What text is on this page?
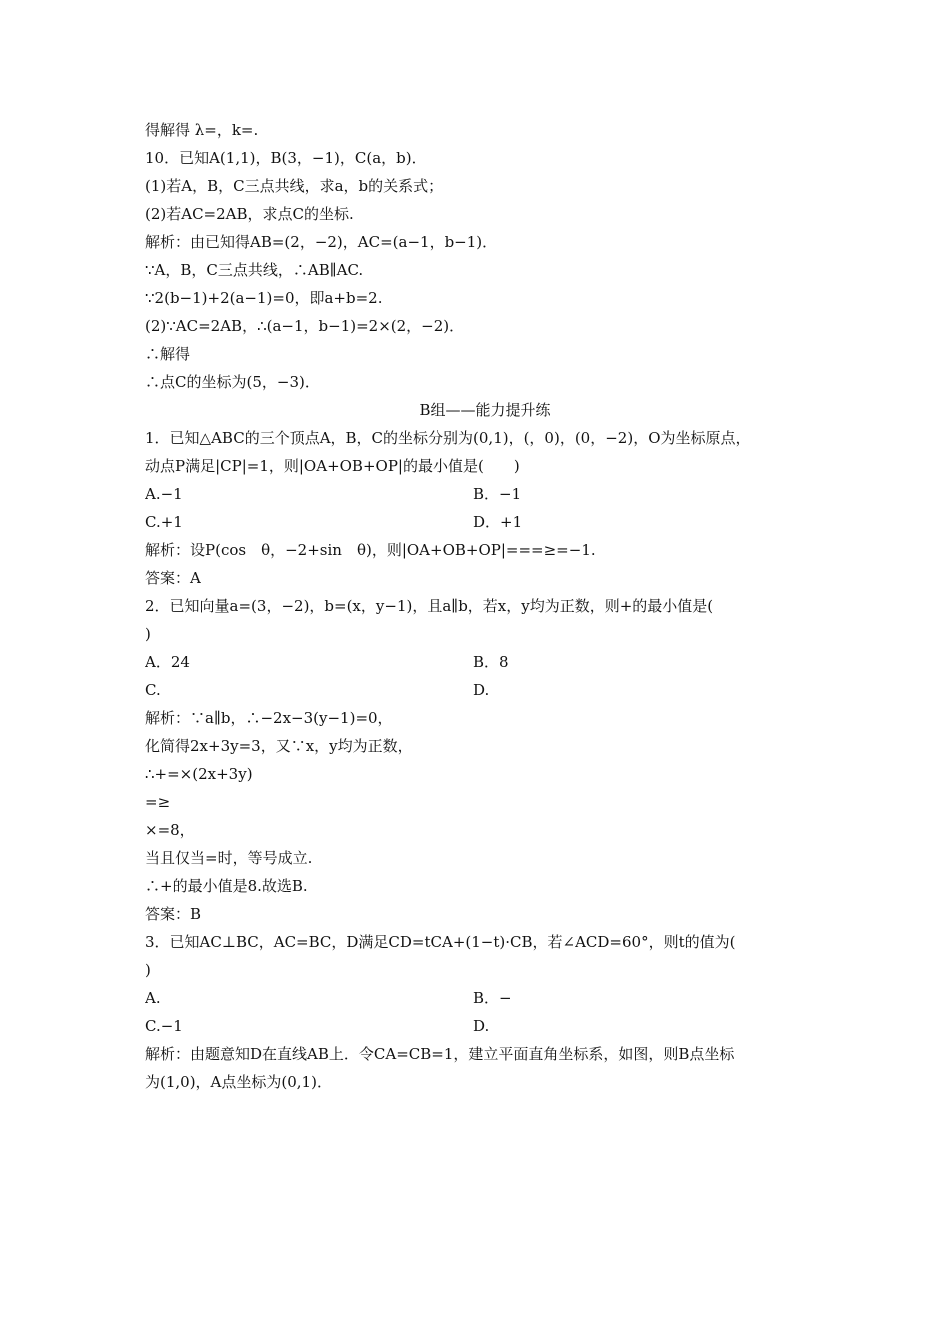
得解得 λ=，k=.
10．已知A(1,1)，B(3，−1)，C(a，b)．
(1)若A，B，C三点共线，求a，b的关系式；
(2)若AC=2AB，求点C的坐标.
解析：由已知得AB=(2，−2)，AC=(a−1，b−1)．
∵A，B，C三点共线，∴AB∥AC.
∵2(b−1)+2(a−1)=0，即a+b=2.
(2)∵AC=2AB，∴(a−1，b−1)=2×(2，−2)．
∴解得
∴点C的坐标为(5，−3)．
B组——能力提升练
1．已知△ABC的三个顶点A，B，C的坐标分别为(0,1)，(，0)，(0，−2)，O为坐标原点，
动点P满足|CP|=1，则|OA+OB+OP|的最小值是(　　)
A.−1	B．−1
C.+1	D．+1
解析：设P(cos　θ，−2+sin　θ)，则|OA+OB+OP|===≥=−1.
答案：A
2．已知向量a=(3，−2)，b=(x，y−1)，且a∥b，若x，y均为正数，则+的最小值是(
)
A．24	B．8
C.	D.
解析：∵a∥b，∴−2x−3(y−1)=0，
化简得2x+3y=3，又∵x，y均为正数，
∴+=×(2x+3y)
=≥
×=8，
当且仅当=时，等号成立.
∴+的最小值是8.故选B.
答案：B
3．已知AC⊥BC，AC=BC，D满足CD=tCA+(1−t)·CB，若∠ACD=60°，则t的值为(
)
A.	B．−
C.−1	D.
解析：由题意知D在直线AB上．令CA=CB=1，建立平面直角坐标系，如图，则B点坐标
为(1,0)，A点坐标为(0,1)．
